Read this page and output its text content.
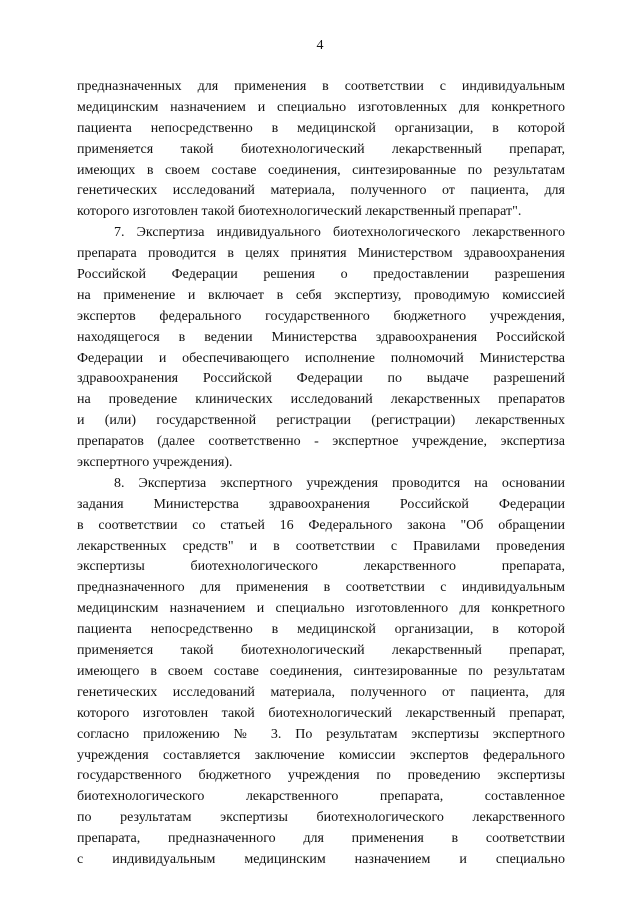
4
предназначенных для применения в соответствии с индивидуальным
медицинским назначением и специально изготовленных для конкретного
пациента непосредственно в медицинской организации, в которой
применяется такой биотехнологический лекарственный препарат,
имеющих в своем составе соединения, синтезированные по результатам
генетических исследований материала, полученного от пациента, для
которого изготовлен такой биотехнологический лекарственный препарат".
7. Экспертиза индивидуального биотехнологического лекарственного
препарата проводится в целях принятия Министерством здравоохранения
Российской Федерации решения о предоставлении разрешения
на применение и включает в себя экспертизу, проводимую комиссией
экспертов федерального государственного бюджетного учреждения,
находящегося в ведении Министерства здравоохранения Российской
Федерации и обеспечивающего исполнение полномочий Министерства
здравоохранения Российской Федерации по выдаче разрешений
на проведение клинических исследований лекарственных препаратов
и (или) государственной регистрации (регистрации) лекарственных
препаратов (далее соответственно - экспертное учреждение, экспертиза
экспертного учреждения).
8. Экспертиза экспертного учреждения проводится на основании
задания Министерства здравоохранения Российской Федерации
в соответствии со статьей 16 Федерального закона "Об обращении
лекарственных средств" и в соответствии с Правилами проведения
экспертизы биотехнологического лекарственного препарата,
предназначенного для применения в соответствии с индивидуальным
медицинским назначением и специально изготовленного для конкретного
пациента непосредственно в медицинской организации, в которой
применяется такой биотехнологический лекарственный препарат,
имеющего в своем составе соединения, синтезированные по результатам
генетических исследований материала, полученного от пациента, для
которого изготовлен такой биотехнологический лекарственный препарат,
согласно приложению № 3. По результатам экспертизы экспертного
учреждения составляется заключение комиссии экспертов федерального
государственного бюджетного учреждения по проведению экспертизы
биотехнологического лекарственного препарата, составленное
по результатам экспертизы биотехнологического лекарственного
препарата, предназначенного для применения в соответствии
с индивидуальным медицинским назначением и специально
